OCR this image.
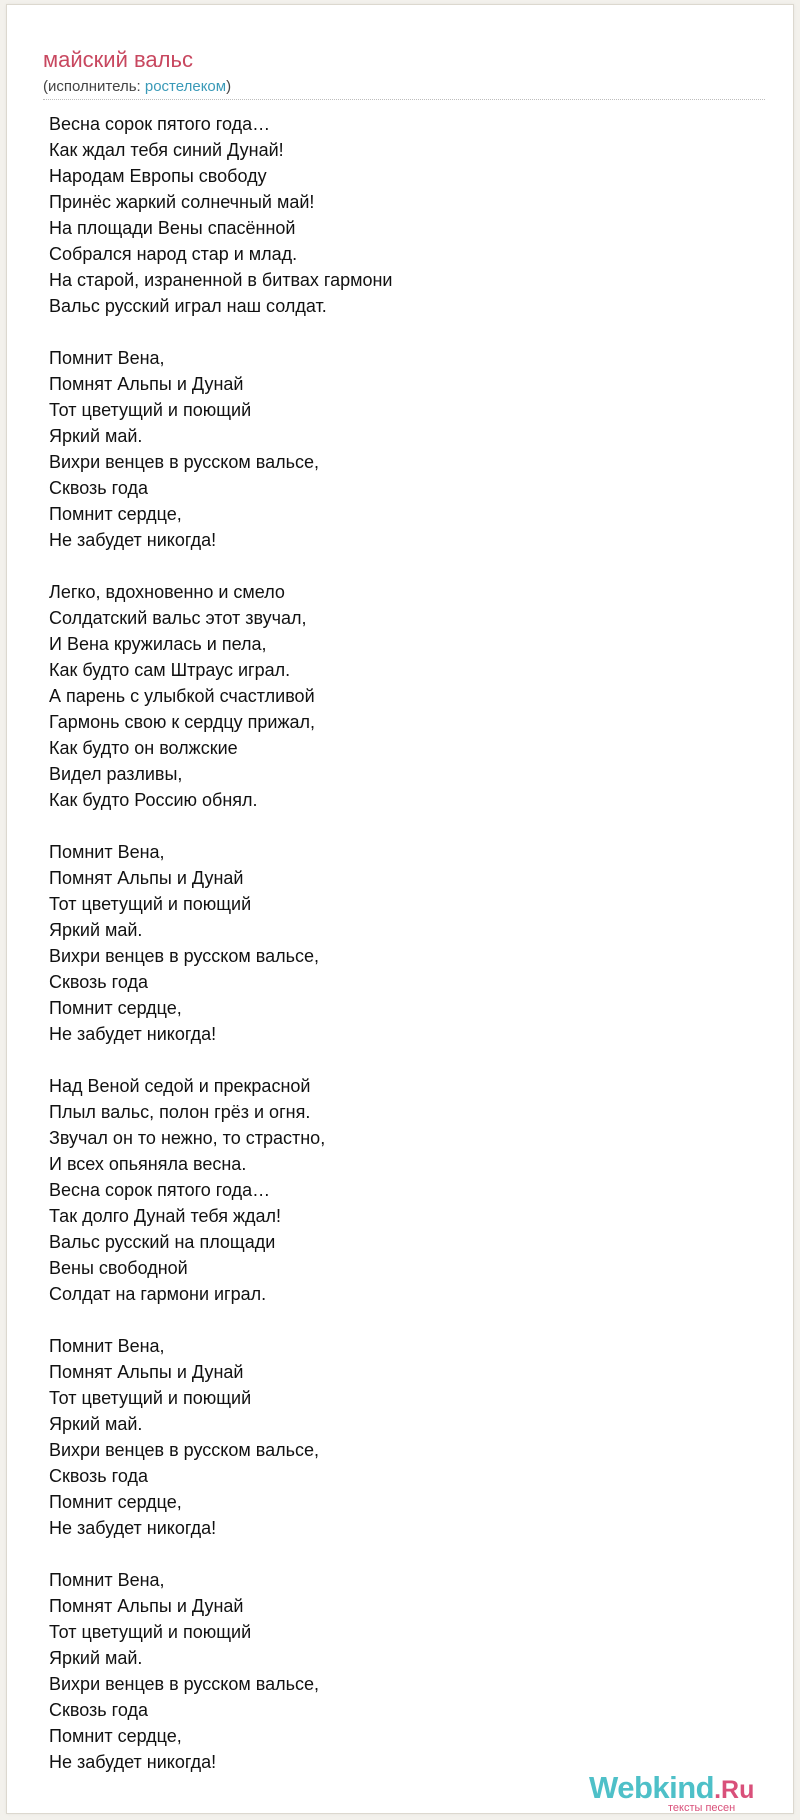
майский вальс
(исполнитель: ростелеком)
Весна сорок пятого года…
Как ждал тебя синий Дунай!
Народам Европы свободу
Принёс жаркий солнечный май!
На площади Вены спасённой
Собрался народ стар и млад.
На старой, израненной в битвах гармони
Вальс русский играл наш солдат.
Помнит Вена,
Помнят Альпы и Дунай
Тот цветущий и поющий
Яркий май.
Вихри венцев в русском вальсе,
Сквозь года
Помнит сердце,
Не забудет никогда!
Легко, вдохновенно и смело
Солдатский вальс этот звучал,
И Вена кружилась и пела,
Как будто сам Штраус играл.
А парень с улыбкой счастливой
Гармонь свою к сердцу прижал,
Как будто он волжские
Видел разливы,
Как будто Россию обнял.
Помнит Вена,
Помнят Альпы и Дунай
Тот цветущий и поющий
Яркий май.
Вихри венцев в русском вальсе,
Сквозь года
Помнит сердце,
Не забудет никогда!
Над Веной седой и прекрасной
Плыл вальс, полон грёз и огня.
Звучал он то нежно, то страстно,
И всех опьяняла весна.
Весна сорок пятого года…
Так долго Дунай тебя ждал!
Вальс русский на площади
Вены свободной
Солдат на гармони играл.
Помнит Вена,
Помнят Альпы и Дунай
Тот цветущий и поющий
Яркий май.
Вихри венцев в русском вальсе,
Сквозь года
Помнит сердце,
Не забудет никогда!
Помнит Вена,
Помнят Альпы и Дунай
Тот цветущий и поющий
Яркий май.
Вихри венцев в русском вальсе,
Сквозь года
Помнит сердце,
Не забудет никогда!
Webkind.Ru
тексты песен
